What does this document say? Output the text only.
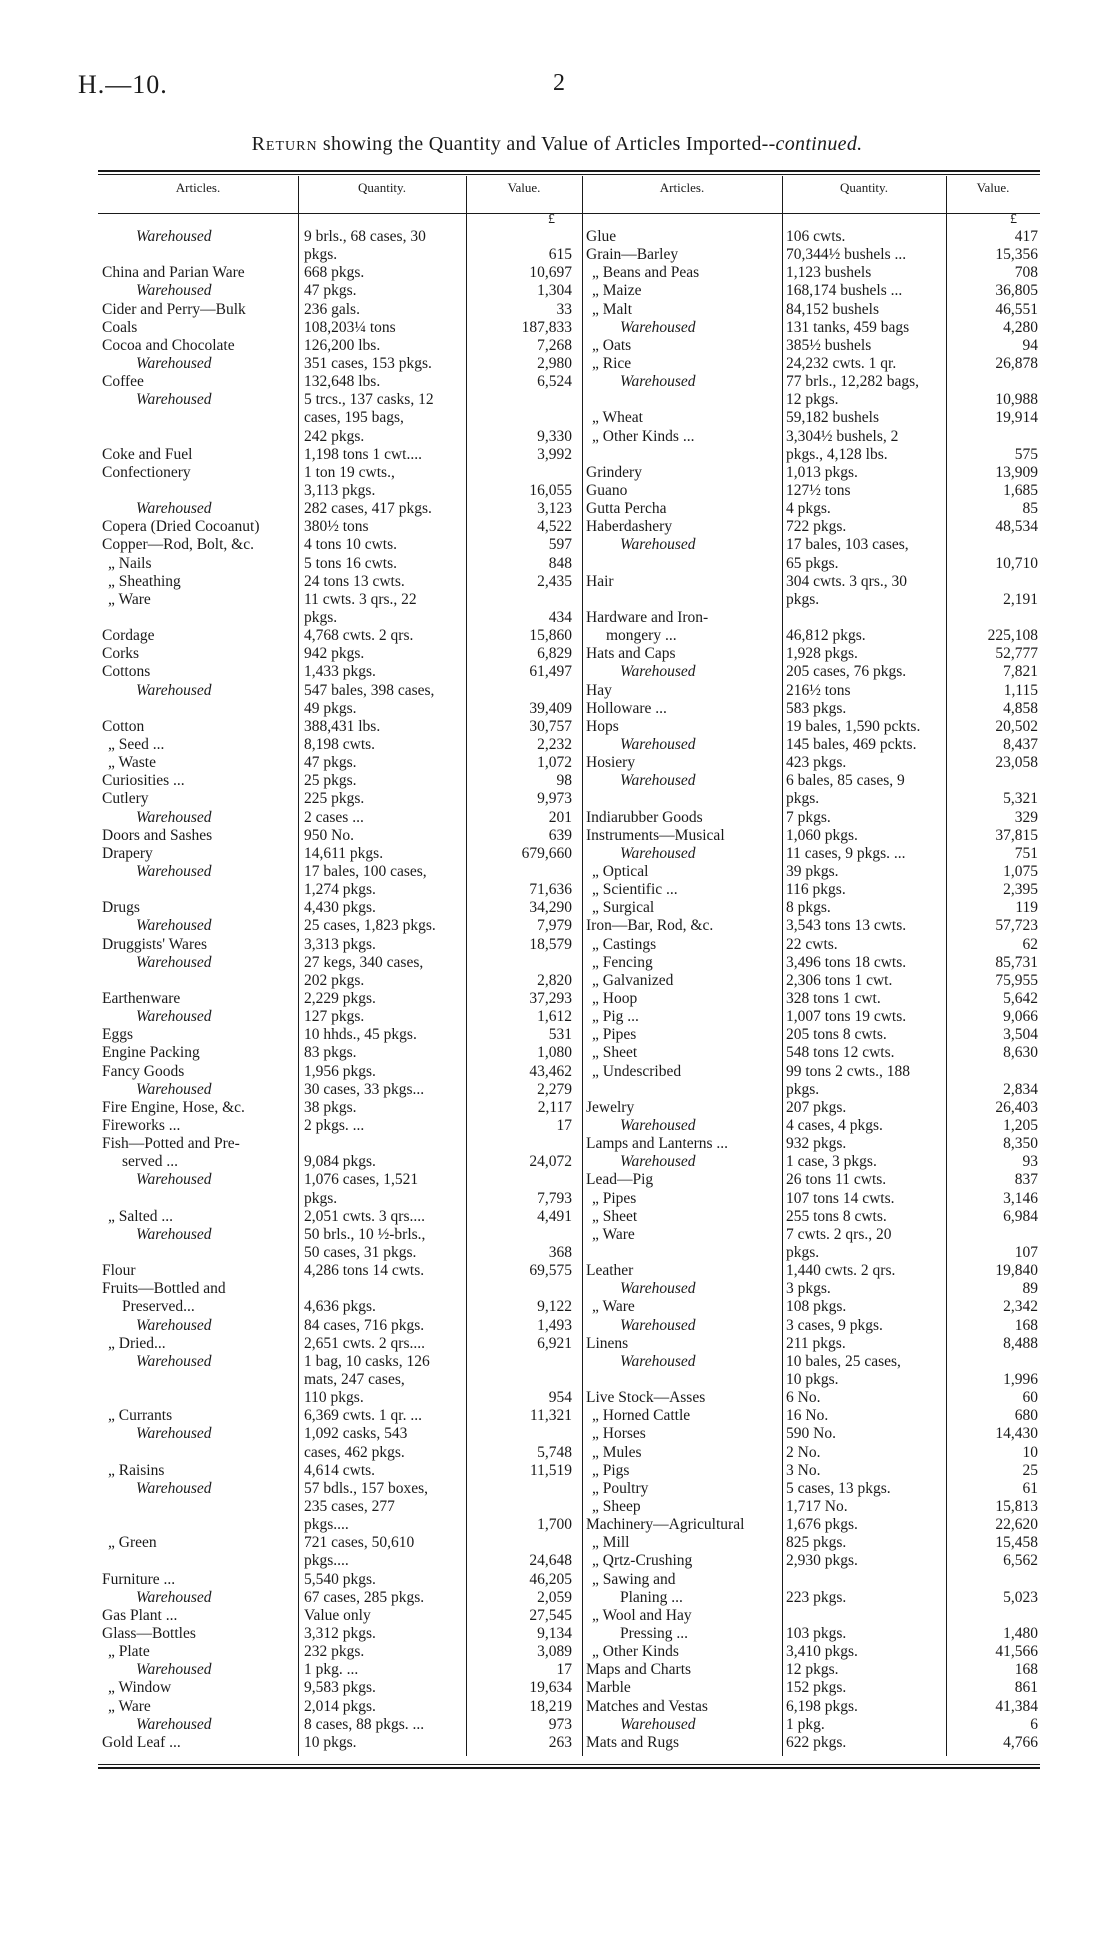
H.—10.	2
Return showing the Quantity and Value of Articles Imported--continued.
Articles.	Quantity.	Value.	Articles.	Quantity.	Value.
£	£
Warehoused	9 brls., 68 cases, 30
pkgs.	615
China and Parian Ware	668 pkgs.	10,697
Warehoused	47 pkgs.	1,304
Cider and Perry—Bulk	236 gals.	33
Coals	108,203¼ tons	187,833
Cocoa and Chocolate	126,200 lbs.	7,268
Warehoused	351 cases, 153 pkgs.	2,980
Coffee	132,648 lbs.	6,524
Warehoused	5 trcs., 137 casks, 12
cases, 195 bags,
242 pkgs.	9,330
Coke and Fuel	1,198 tons 1 cwt....	3,992
Confectionery	1 ton 19 cwts.,
3,113 pkgs.	16,055
Warehoused	282 cases, 417 pkgs.	3,123
Copera (Dried Cocoanut)	380½ tons	4,522
Copper—Rod, Bolt, &c.	4 tons 10 cwts.	597
„ Nails	5 tons 16 cwts.	848
„ Sheathing	24 tons 13 cwts.	2,435
„ Ware	11 cwts. 3 qrs., 22
pkgs.	434
Cordage	4,768 cwts. 2 qrs.	15,860
Corks	942 pkgs.	6,829
Cottons	1,433 pkgs.	61,497
Warehoused	547 bales, 398 cases,
49 pkgs.	39,409
Cotton	388,431 lbs.	30,757
„ Seed ...	8,198 cwts.	2,232
„ Waste	47 pkgs.	1,072
Curiosities ...	25 pkgs.	98
Cutlery	225 pkgs.	9,973
Warehoused	2 cases ...	201
Doors and Sashes	950 No.	639
Drapery	14,611 pkgs.	679,660
Warehoused	17 bales, 100 cases,
1,274 pkgs.	71,636
Drugs	4,430 pkgs.	34,290
Warehoused	25 cases, 1,823 pkgs.	7,979
Druggists' Wares	3,313 pkgs.	18,579
Warehoused	27 kegs, 340 cases,
202 pkgs.	2,820
Earthenware	2,229 pkgs.	37,293
Warehoused	127 pkgs.	1,612
Eggs	10 hhds., 45 pkgs.	531
Engine Packing	83 pkgs.	1,080
Fancy Goods	1,956 pkgs.	43,462
Warehoused	30 cases, 33 pkgs...	2,279
Fire Engine, Hose, &c.	38 pkgs.	2,117
Fireworks ...	2 pkgs. ...	17
Fish—Potted and Pre-
served ...	9,084 pkgs.	24,072
Warehoused	1,076 cases, 1,521
pkgs.	7,793
„ Salted ...	2,051 cwts. 3 qrs....	4,491
Warehoused	50 brls., 10 ½-brls.,
50 cases, 31 pkgs.	368
Flour	4,286 tons 14 cwts.	69,575
Fruits—Bottled and
Preserved...	4,636 pkgs.	9,122
Warehoused	84 cases, 716 pkgs.	1,493
„ Dried...	2,651 cwts. 2 qrs....	6,921
Warehoused	1 bag, 10 casks, 126
mats, 247 cases,
110 pkgs.	954
„ Currants	6,369 cwts. 1 qr. ...	11,321
Warehoused	1,092 casks, 543
cases, 462 pkgs.	5,748
„ Raisins	4,614 cwts.	11,519
Warehoused	57 bdls., 157 boxes,
235 cases, 277
pkgs....	1,700
„ Green	721 cases, 50,610
pkgs....	24,648
Furniture ...	5,540 pkgs.	46,205
Warehoused	67 cases, 285 pkgs.	2,059
Gas Plant ...	Value only	27,545
Glass—Bottles	3,312 pkgs.	9,134
„ Plate	232 pkgs.	3,089
Warehoused	1 pkg. ...	17
„ Window	9,583 pkgs.	19,634
„ Ware	2,014 pkgs.	18,219
Warehoused	8 cases, 88 pkgs. ...	973
Gold Leaf ...	10 pkgs.	263
Glue	106 cwts.	417
Grain—Barley	70,344½ bushels ...	15,356
„ Beans and Peas	1,123 bushels	708
„ Maize	168,174 bushels ...	36,805
„ Malt	84,152 bushels	46,551
Warehoused	131 tanks, 459 bags	4,280
„ Oats	385½ bushels	94
„ Rice	24,232 cwts. 1 qr.	26,878
Warehoused	77 brls., 12,282 bags,
12 pkgs.	10,988
„ Wheat	59,182 bushels	19,914
„ Other Kinds ...	3,304½ bushels, 2
pkgs., 4,128 lbs.	575
Grindery	1,013 pkgs.	13,909
Guano	127½ tons	1,685
Gutta Percha	4 pkgs.	85
Haberdashery	722 pkgs.	48,534
Warehoused	17 bales, 103 cases,
65 pkgs.	10,710
Hair	304 cwts. 3 qrs., 30
pkgs.	2,191
Hardware and Iron-
mongery ...	46,812 pkgs.	225,108
Hats and Caps	1,928 pkgs.	52,777
Warehoused	205 cases, 76 pkgs.	7,821
Hay	216½ tons	1,115
Holloware ...	583 pkgs.	4,858
Hops	19 bales, 1,590 pckts.	20,502
Warehoused	145 bales, 469 pckts.	8,437
Hosiery	423 pkgs.	23,058
Warehoused	6 bales, 85 cases, 9
pkgs.	5,321
Indiarubber Goods	7 pkgs.	329
Instruments—Musical	1,060 pkgs.	37,815
Warehoused	11 cases, 9 pkgs. ...	751
„ Optical	39 pkgs.	1,075
„ Scientific ...	116 pkgs.	2,395
„ Surgical	8 pkgs.	119
Iron—Bar, Rod, &c.	3,543 tons 13 cwts.	57,723
„ Castings	22 cwts.	62
„ Fencing	3,496 tons 18 cwts.	85,731
„ Galvanized	2,306 tons 1 cwt.	75,955
„ Hoop	328 tons 1 cwt.	5,642
„ Pig ...	1,007 tons 19 cwts.	9,066
„ Pipes	205 tons 8 cwts.	3,504
„ Sheet	548 tons 12 cwts.	8,630
„ Undescribed	99 tons 2 cwts., 188
pkgs.	2,834
Jewelry	207 pkgs.	26,403
Warehoused	4 cases, 4 pkgs.	1,205
Lamps and Lanterns ...	932 pkgs.	8,350
Warehoused	1 case, 3 pkgs.	93
Lead—Pig	26 tons 11 cwts.	837
„ Pipes	107 tons 14 cwts.	3,146
„ Sheet	255 tons 8 cwts.	6,984
„ Ware	7 cwts. 2 qrs., 20
pkgs.	107
Leather	1,440 cwts. 2 qrs.	19,840
Warehoused	3 pkgs.	89
„ Ware	108 pkgs.	2,342
Warehoused	3 cases, 9 pkgs.	168
Linens	211 pkgs.	8,488
Warehoused	10 bales, 25 cases,
10 pkgs.	1,996
Live Stock—Asses	6 No.	60
„ Horned Cattle	16 No.	680
„ Horses	590 No.	14,430
„ Mules	2 No.	10
„ Pigs	3 No.	25
„ Poultry	5 cases, 13 pkgs.	61
„ Sheep	1,717 No.	15,813
Machinery—Agricultural	1,676 pkgs.	22,620
„ Mill	825 pkgs.	15,458
„ Qrtz-Crushing	2,930 pkgs.	6,562
„ Sawing and
Planing ...	223 pkgs.	5,023
„ Wool and Hay
Pressing ...	103 pkgs.	1,480
„ Other Kinds	3,410 pkgs.	41,566
Maps and Charts	12 pkgs.	168
Marble	152 pkgs.	861
Matches and Vestas	6,198 pkgs.	41,384
Warehoused	1 pkg.	6
Mats and Rugs	622 pkgs.	4,766
